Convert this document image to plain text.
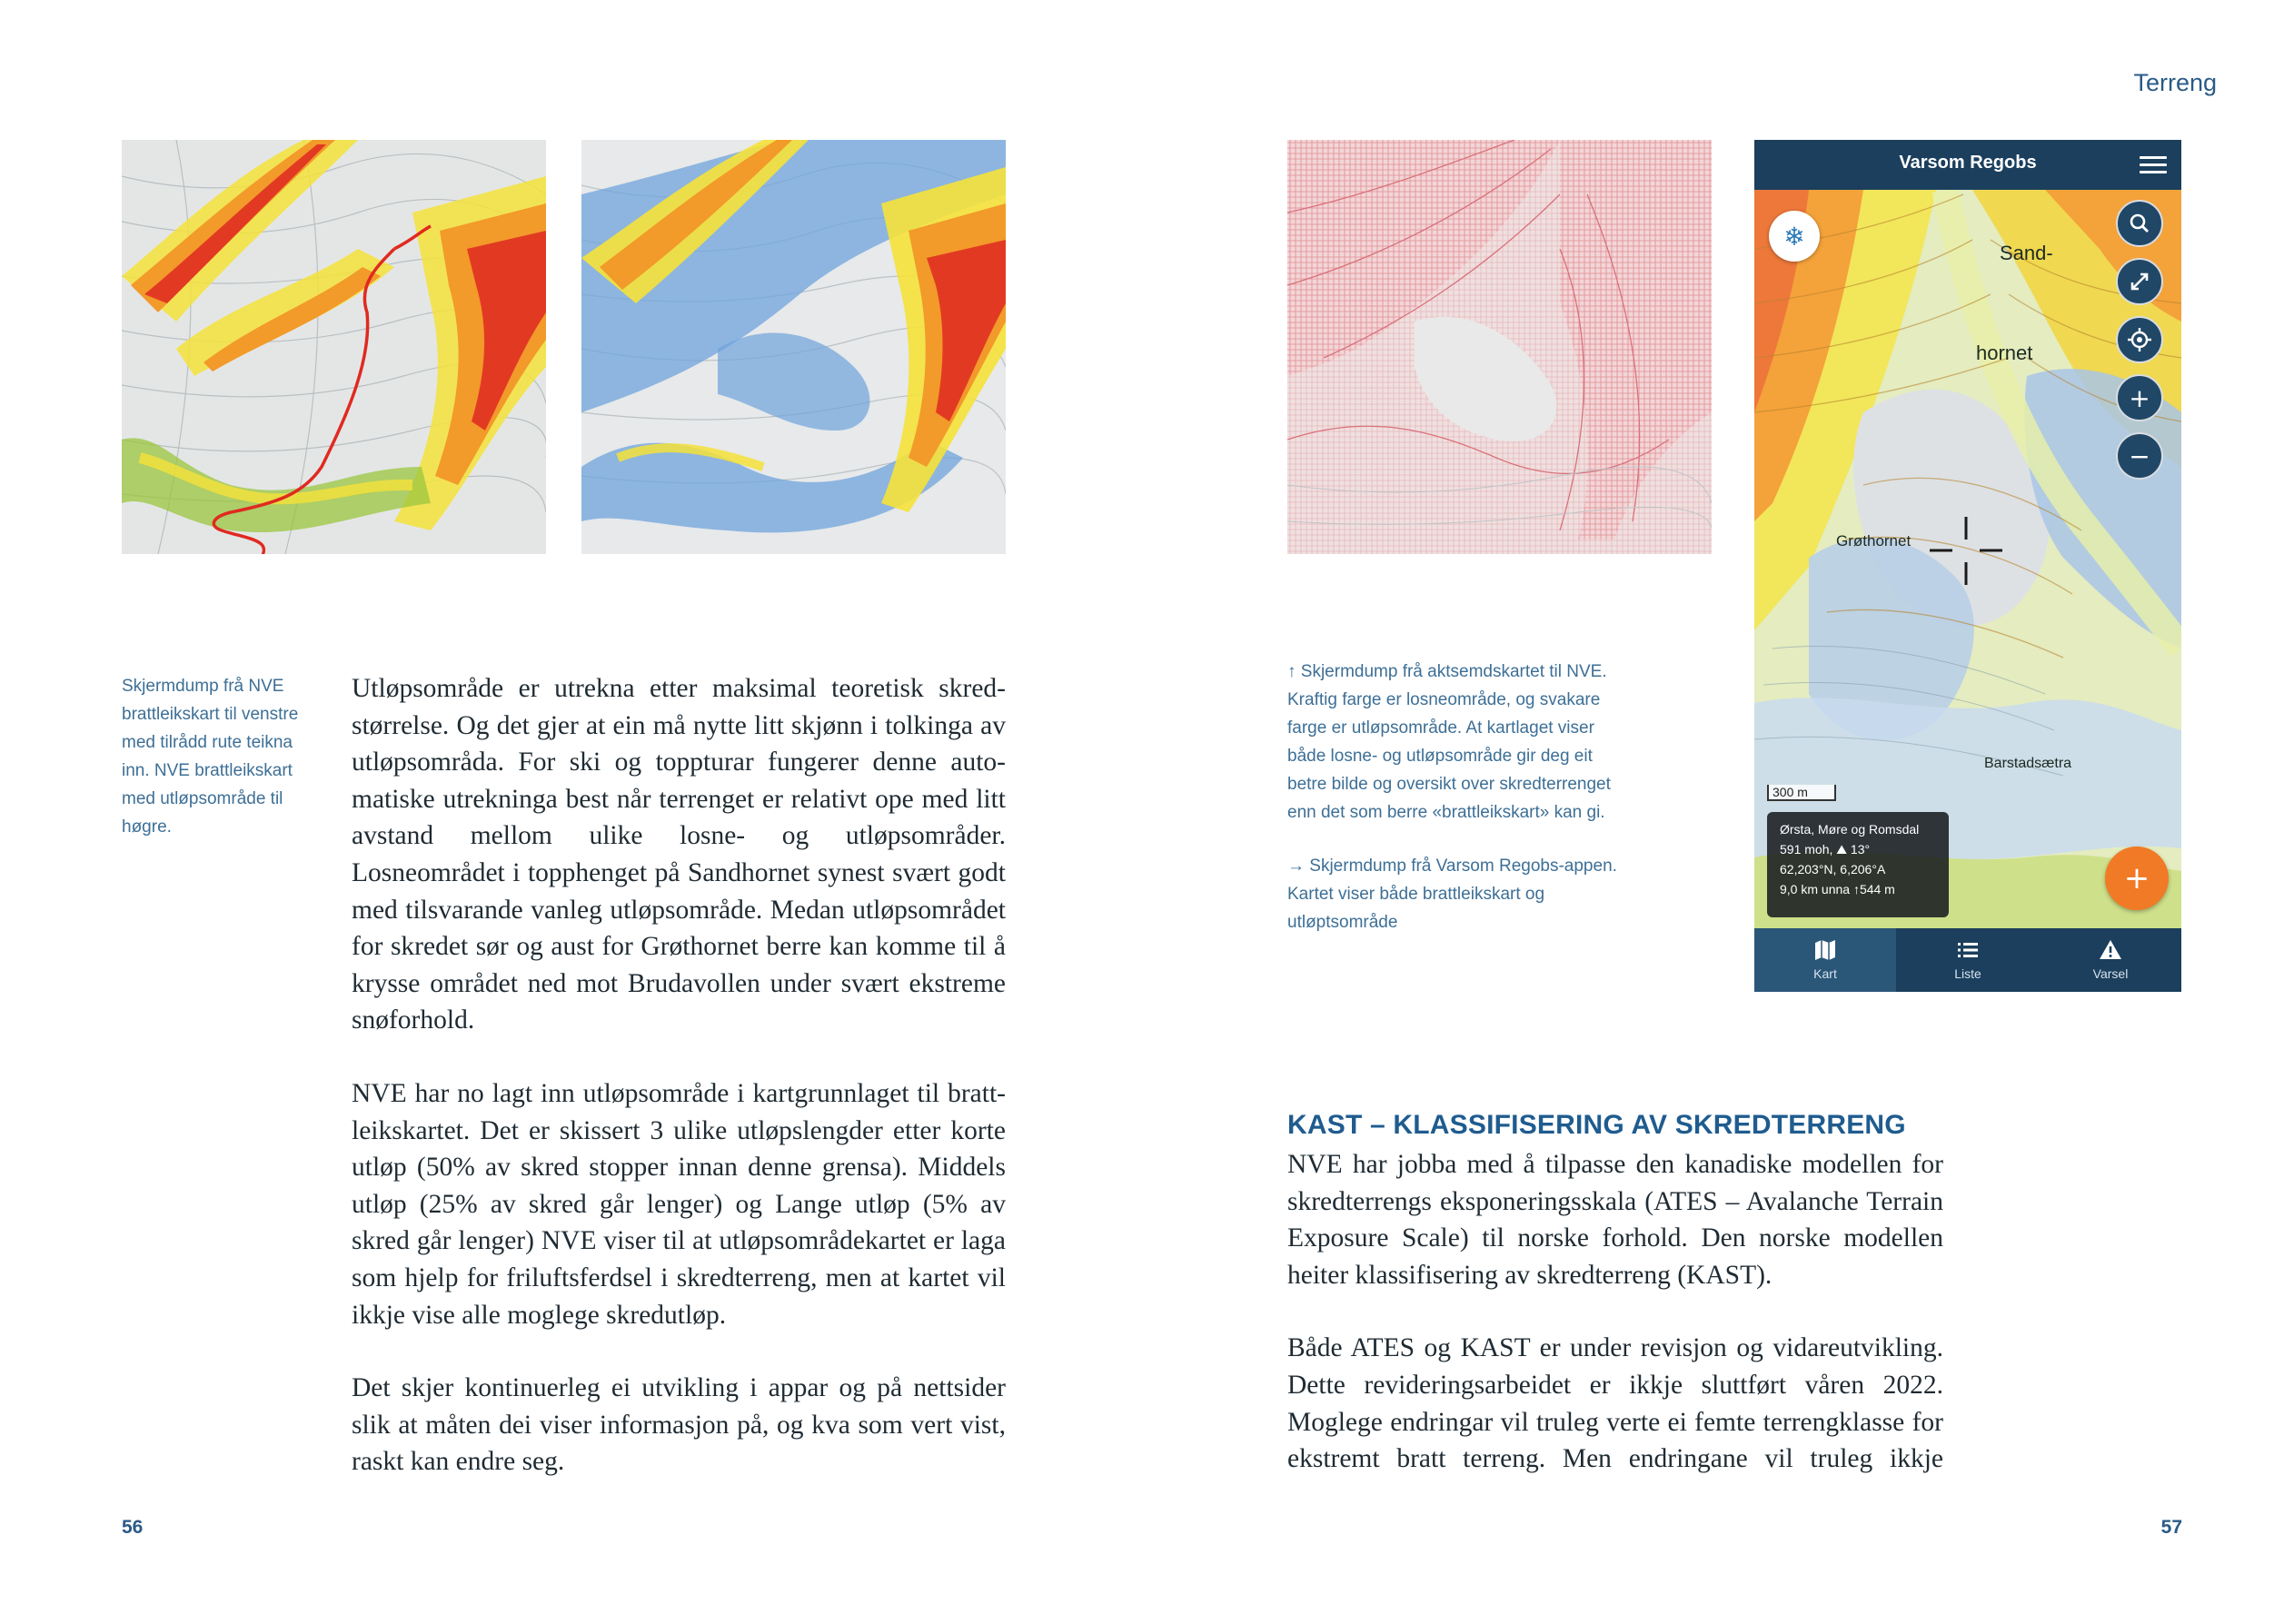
Terreng
Skjermdump frå NVE brattleikskart til venstre med tilrådd rute teikna inn. NVE brattleikskart med utløpsområde til høgre.

Utløpsområde er utrekna etter maksimal teoretisk skredstørrelse. Og det gjer at ein må nytte litt skjønn i tolkinga av utløpsområda. For ski og toppturar fungerer denne automatiske utrekninga best når terrenget er relativt ope med litt avstand mellom ulike losne- og utløpsområder. Losneområdet i topphenget på Sandhornet synest svært godt med tilsvarande vanleg utløpsområde. Medan utløpsområdet for skredet sør og aust for Grøthornet berre kan komme til å krysse området ned mot Brudavollen under svært ekstreme snøforhold.

NVE har no lagt inn utløpsområde i kartgrunnlaget til brattleikskartet. Det er skissert 3 ulike utløpslengder etter korte utløp (50% av skred stopper innan denne grensa). Middels utløp (25% av skred går lenger) og Lange utløp (5% av skred går lenger) NVE viser til at utløpsområdekartet er laga som hjelp for friluftsferdsel i skredterreng, men at kartet vil ikkje vise alle moglege skredutløp.

Det skjer kontinuerleg ei utvikling i appar og på nettsider slik at måten dei viser informasjon på, og kva som vert vist, raskt kan endre seg.

↑ Skjermdump frå aktsemdskartet til NVE. Kraftig farge er losneområde, og svakare farge er utløpsområde. At kartlaget viser både losne- og utløpsområde gir deg eit betre bilde og oversikt over skredterrenget enn det som berre «brattleikskart» kan gi.
→ Skjermdump frå Varsom Regobs-appen. Kartet viser både brattleikskart og utløptsområde
Sand-
hornet
Grøthornet
Barstadsætra
Varsom Regobs
❄
+
−
300 m
Ørsta, Møre og Romsdal
591 moh, ⛰ 13°
62,203°N, 6,206°A
9,0 km unna ↑544 m	+
Kart	Liste	Varsel
KAST – KLASSIFISERING AV SKREDTERRENG

NVE har jobba med å tilpasse den kanadiske modellen for skredterrengs eksponeringsskala (ATES – Avalanche Terrain Exposure Scale) til norske forhold. Den norske modellen heiter klassifisering av skredterreng (KAST).

Både ATES og KAST er under revisjon og vidareutvikling. Dette revideringsarbeidet er ikkje sluttført våren 2022. Moglege endringar vil truleg verte ei femte terrengklasse for ekstremt bratt terreng. Men endringane vil truleg ikkje

56	57
